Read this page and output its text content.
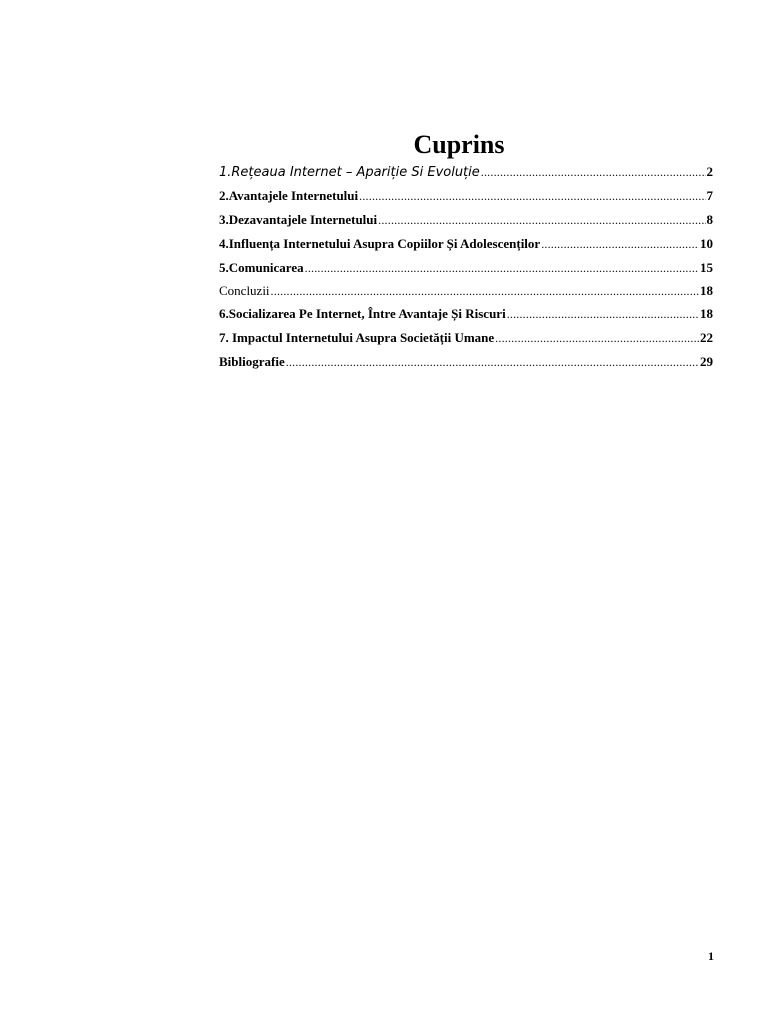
Cuprins
1.Rețeaua Internet – Apariție Si Evoluție .....	2
2.Avantajele Internetului .....	7
3.Dezavantajele Internetului .....	8
4.Influența Internetului Asupra Copiilor Și Adolescenților .....	10
5.Comunicarea .....	15
Concluzii .....	18
6.Socializarea Pe Internet, Între Avantaje Și Riscuri .....	18
7. Impactul Internetului Asupra Societății Umane .....	22
Bibliografie .....	29
1
